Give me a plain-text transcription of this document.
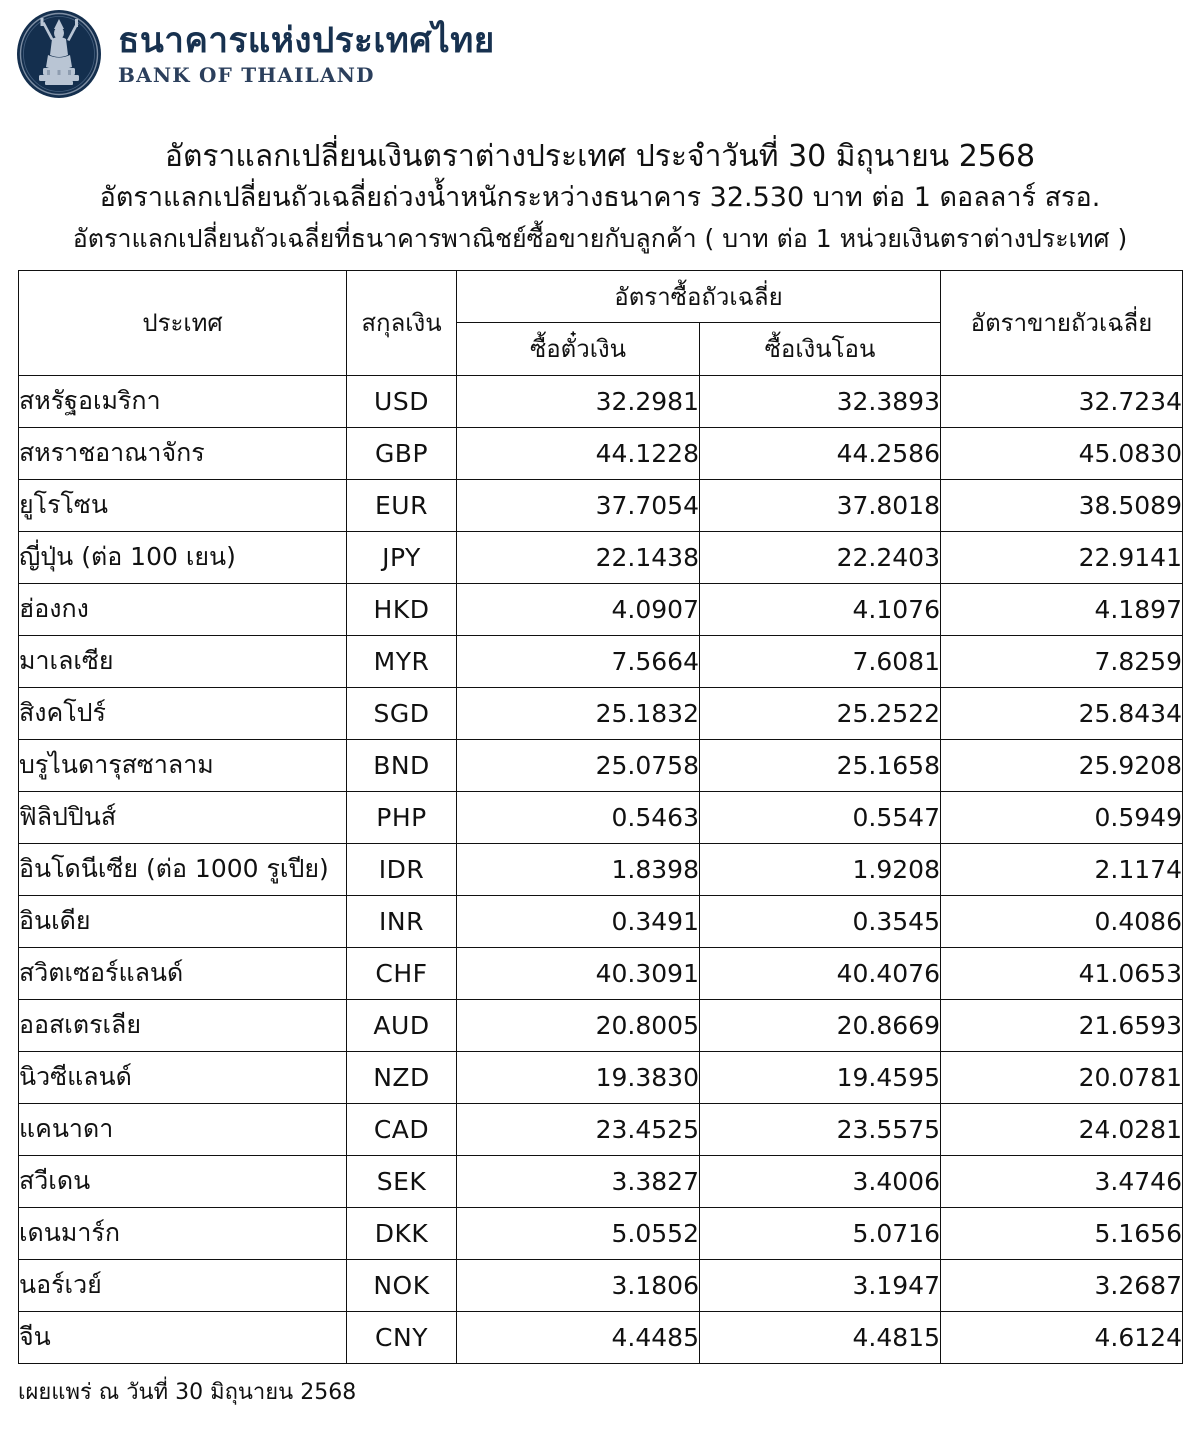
ธนาคารแห่งประเทศไทย
BANK OF THAILAND
อัตราแลกเปลี่ยนเงินตราต่างประเทศ ประจำวันที่ 30 มิถุนายน 2568
อัตราแลกเปลี่ยนถัวเฉลี่ยถ่วงน้ำหนักระหว่างธนาคาร 32.530 บาท ต่อ 1 ดอลลาร์ สรอ.
อัตราแลกเปลี่ยนถัวเฉลี่ยที่ธนาคารพาณิชย์ซื้อขายกับลูกค้า ( บาท ต่อ 1 หน่วยเงินตราต่างประเทศ )
ประเทศ	สกุลเงิน	อัตราซื้อถัวเฉลี่ย		อัตราขายถัวเฉลี่ย
		ซื้อตั๋วเงิน	ซื้อเงินโอน	
สหรัฐอเมริกา	USD	32.2981	32.3893	32.7234
สหราชอาณาจักร	GBP	44.1228	44.2586	45.0830
ยูโรโซน	EUR	37.7054	37.8018	38.5089
ญี่ปุ่น (ต่อ 100 เยน)	JPY	22.1438	22.2403	22.9141
ฮ่องกง	HKD	4.0907	4.1076	4.1897
มาเลเซีย	MYR	7.5664	7.6081	7.8259
สิงคโปร์	SGD	25.1832	25.2522	25.8434
บรูไนดารุสซาลาม	BND	25.0758	25.1658	25.9208
ฟิลิปปินส์	PHP	0.5463	0.5547	0.5949
อินโดนีเซีย (ต่อ 1000 รูเปีย)	IDR	1.8398	1.9208	2.1174
อินเดีย	INR	0.3491	0.3545	0.4086
สวิตเซอร์แลนด์	CHF	40.3091	40.4076	41.0653
ออสเตรเลีย	AUD	20.8005	20.8669	21.6593
นิวซีแลนด์	NZD	19.3830	19.4595	20.0781
แคนาดา	CAD	23.4525	23.5575	24.0281
สวีเดน	SEK	3.3827	3.4006	3.4746
เดนมาร์ก	DKK	5.0552	5.0716	5.1656
นอร์เวย์	NOK	3.1806	3.1947	3.2687
จีน	CNY	4.4485	4.4815	4.6124
เผยแพร่ ณ วันที่ 30 มิถุนายน 2568
